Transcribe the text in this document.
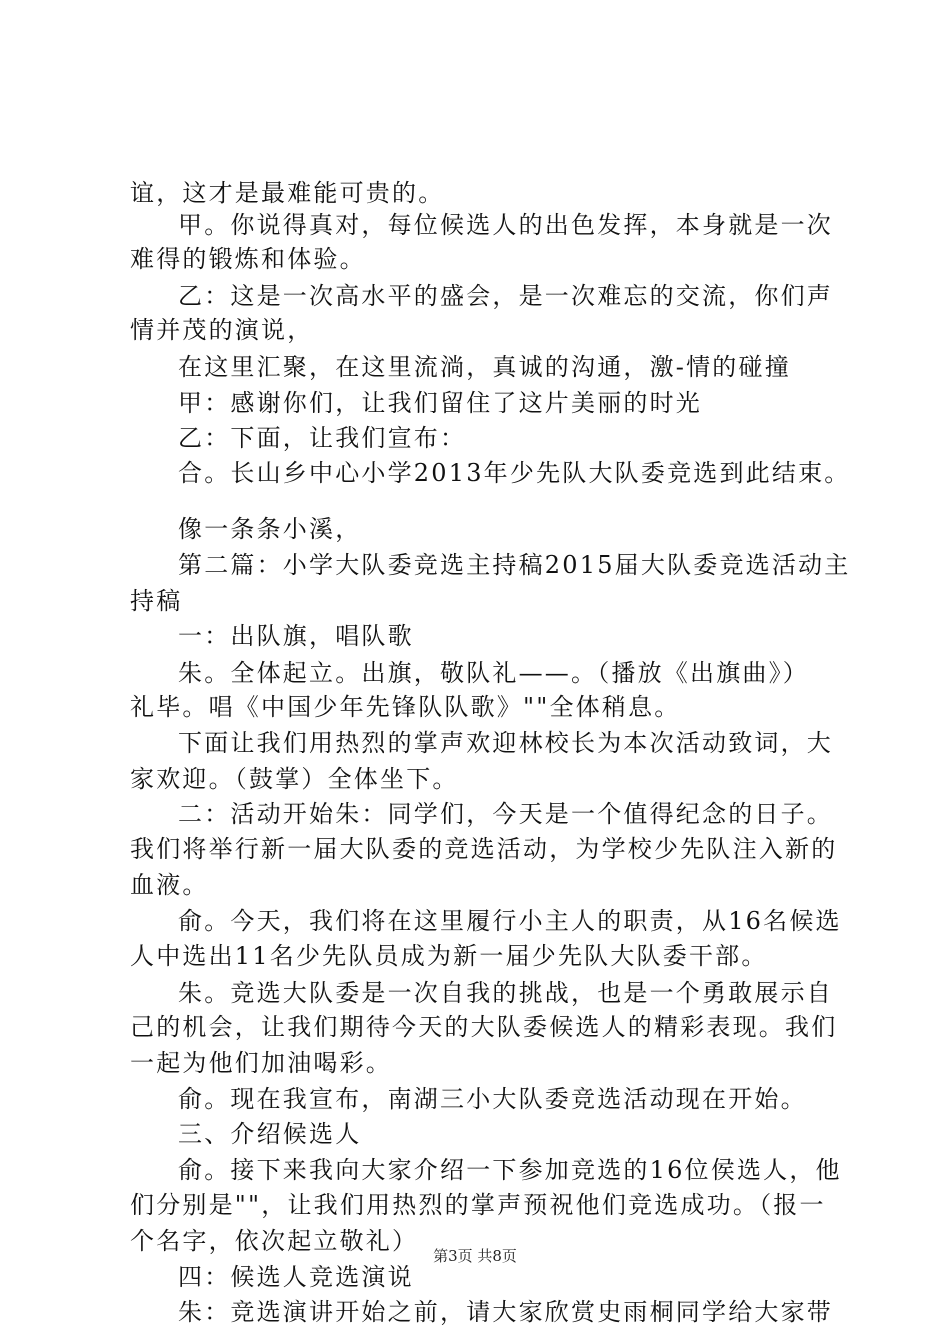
谊，这才是最难能可贵的。
甲。你说得真对，每位候选人的出色发挥，本身就是一次
难得的锻炼和体验。
乙：这是一次高水平的盛会，是一次难忘的交流，你们声
情并茂的演说，
在这里汇聚，在这里流淌，真诚的沟通，激-情的碰撞
甲：感谢你们，让我们留住了这片美丽的时光
乙：下面，让我们宣布：
合。长山乡中心小学2013年少先队大队委竞选到此结束。
像一条条小溪，
第二篇：小学大队委竞选主持稿2015届大队委竞选活动主
持稿
一：出队旗，唱队歌
朱。全体起立。出旗，敬队礼——。（播放《出旗曲》）
礼毕。唱《中国少年先锋队队歌》""全体稍息。
下面让我们用热烈的掌声欢迎林校长为本次活动致词，大
家欢迎。（鼓掌）全体坐下。
二：活动开始朱：同学们，今天是一个值得纪念的日子。
我们将举行新一届大队委的竞选活动，为学校少先队注入新的
血液。
俞。今天，我们将在这里履行小主人的职责，从16名候选
人中选出11名少先队员成为新一届少先队大队委干部。
朱。竞选大队委是一次自我的挑战，也是一个勇敢展示自
己的机会，让我们期待今天的大队委候选人的精彩表现。我们
一起为他们加油喝彩。
俞。现在我宣布，南湖三小大队委竞选活动现在开始。
三、介绍候选人
俞。接下来我向大家介绍一下参加竞选的16位侯选人，他
们分别是""，让我们用热烈的掌声预祝他们竞选成功。（报一
个名字，依次起立敬礼）
四：候选人竞选演说
朱：竞选演讲开始之前，请大家欣赏史雨桐同学给大家带
第3页 共8页
